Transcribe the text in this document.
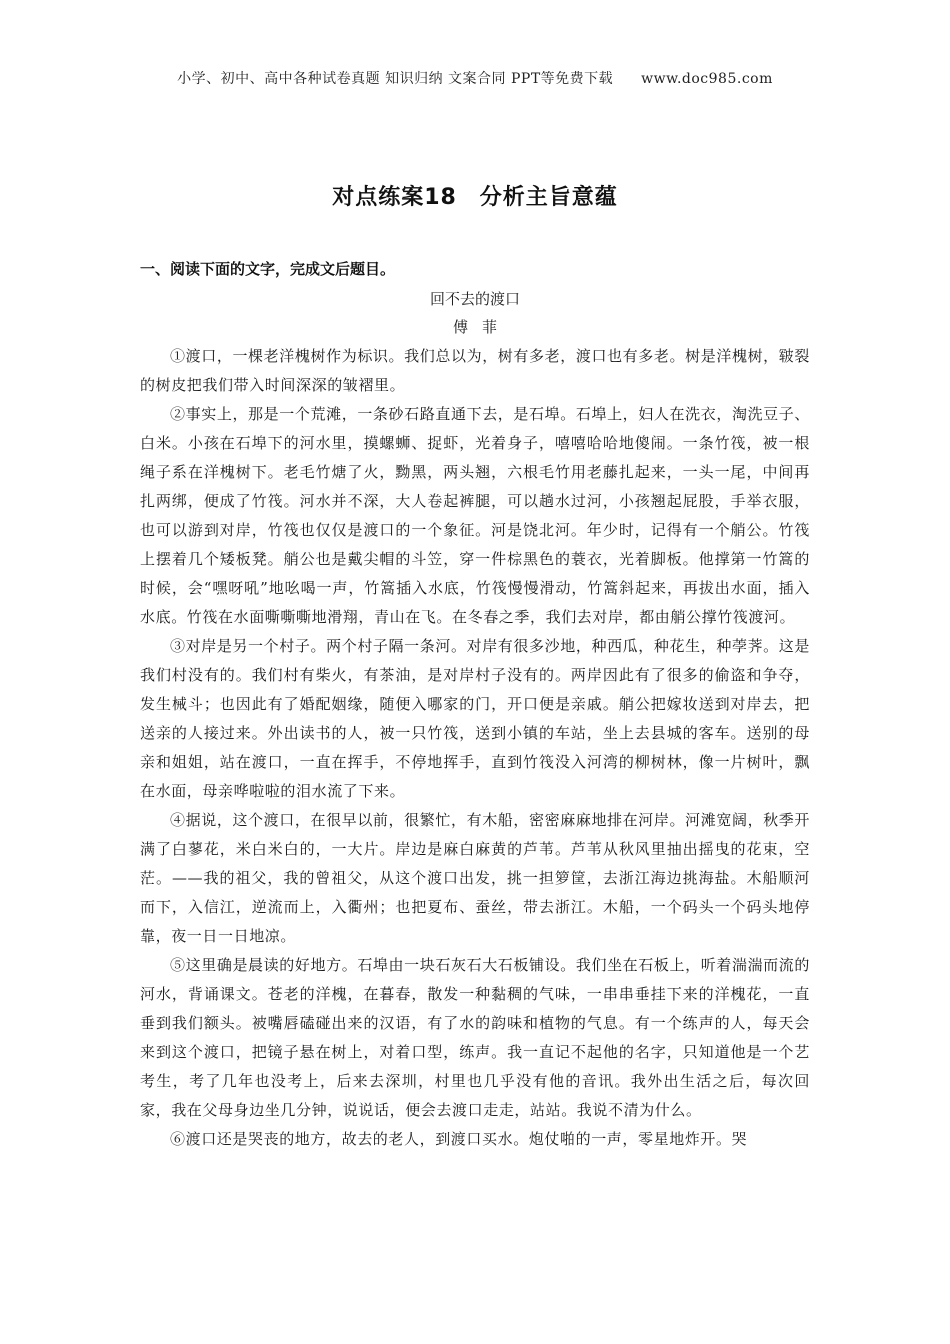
小学、初中、高中各种试卷真题 知识归纳 文案合同 PPT等免费下载 www.doc985.com
对点练案18　分析主旨意蕴
一、阅读下面的文字，完成文后题目。
回不去的渡口
傅菲

①渡口，一棵老洋槐树作为标识。我们总以为，树有多老，渡口也有多老。树是洋槐树，皲裂的树皮把我们带入时间深深的皱褶里。

②事实上，那是一个荒滩，一条砂石路直通下去，是石埠。石埠上，妇人在洗衣，淘洗豆子、白米。小孩在石埠下的河水里，摸螺蛳、捉虾，光着身子，嘻嘻哈哈地傻闹。一条竹筏，被一根绳子系在洋槐树下。老毛竹煻了火，黝黑，两头翘，六根毛竹用老藤扎起来，一头一尾，中间再扎两绑，便成了竹筏。河水并不深，大人卷起裤腿，可以趟水过河，小孩翘起屁股，手举衣服，也可以游到对岸，竹筏也仅仅是渡口的一个象征。河是饶北河。年少时，记得有一个艄公。竹筏上摆着几个矮板凳。艄公也是戴尖帽的斗笠，穿一件棕黑色的蓑衣，光着脚板。他撑第一竹篙的时候，会“嘿呀吼”地吆喝一声，竹篙插入水底，竹筏慢慢滑动，竹篙斜起来，再拔出水面，插入水底。竹筏在水面嘶嘶嘶地滑翔，青山在飞。在冬春之季，我们去对岸，都由艄公撑竹筏渡河。

③对岸是另一个村子。两个村子隔一条河。对岸有很多沙地，种西瓜，种花生，种荸荠。这是我们村没有的。我们村有柴火，有茶油，是对岸村子没有的。两岸因此有了很多的偷盗和争夺，发生械斗；也因此有了婚配姻缘，随便入哪家的门，开口便是亲戚。艄公把嫁妆送到对岸去，把送亲的人接过来。外出读书的人，被一只竹筏，送到小镇的车站，坐上去县城的客车。送别的母亲和姐姐，站在渡口，一直在挥手，不停地挥手，直到竹筏没入河湾的柳树林，像一片树叶，飘在水面，母亲哗啦啦的泪水流了下来。

④据说，这个渡口，在很早以前，很繁忙，有木船，密密麻麻地排在河岸。河滩宽阔，秋季开满了白蓼花，米白米白的，一大片。岸边是麻白麻黄的芦苇。芦苇从秋风里抽出摇曳的花束，空茫。——我的祖父，我的曾祖父，从这个渡口出发，挑一担箩筐，去浙江海边挑海盐。木船顺河而下，入信江，逆流而上，入衢州；也把夏布、蚕丝，带去浙江。木船，一个码头一个码头地停靠，夜一日一日地凉。

⑤这里确是晨读的好地方。石埠由一块石灰石大石板铺设。我们坐在石板上，听着湍湍而流的河水，背诵课文。苍老的洋槐，在暮春，散发一种黏稠的气味，一串串垂挂下来的洋槐花，一直垂到我们额头。被嘴唇磕碰出来的汉语，有了水的韵味和植物的气息。有一个练声的人，每天会来到这个渡口，把镜子悬在树上，对着口型，练声。我一直记不起他的名字，只知道他是一个艺考生，考了几年也没考上，后来去深圳，村里也几乎没有他的音讯。我外出生活之后，每次回家，我在父母身边坐几分钟，说说话，便会去渡口走走，站站。我说不清为什么。

⑥渡口还是哭丧的地方，故去的老人，到渡口买水。炮仗啪的一声，零星地炸开。哭
